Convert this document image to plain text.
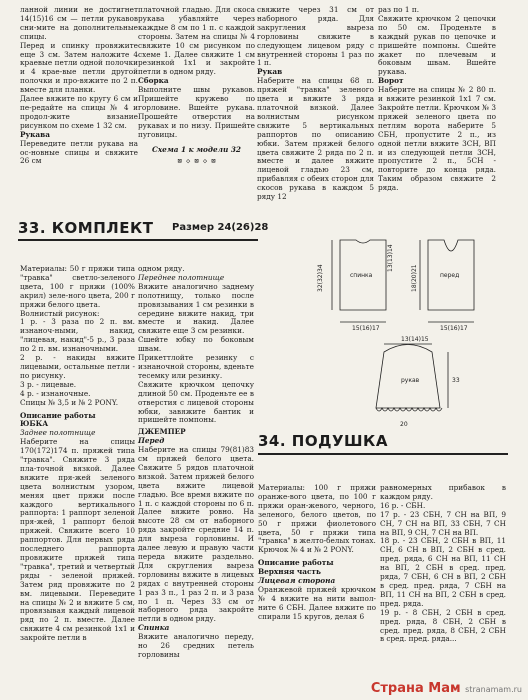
ланной линии не достигнет 14(15)16 см — петли рукавов сни-мите на дополнительные спицы.
Перед и спинку провяжите еще 3 см. Затем наложите 4 краевые петли одной полочки и 4 крае-вые петли другой полочки и про-вяжите по 2 п. вместе для планки.
Далее вяжите по кругу 6 см и пе-редайте на спицы № 4 и продол-жите вязание рисунком по схеме 1 32 см.

Рукава

Переведите петли рукава на ос-новные спицы и свяжите 26 см

платочной гладью. Для скоса рукава убавляйте через каждые 8 см по 1 п. с каждой стороны. Затем на спицы № 4 свяжите 10 см рисунком по схеме 1. Далее свяжите 1 см резинкой 1х1 и закройте петли в одном ряду.

Сборка

Выполните швы рукавов. Пришейте кружево по горловине. Вшейте рукава. Прошейте отверстия на рукавах и по низу. Пришейте пуговицы.

Схема 1 к модели 32

⊠ ◇ ⊠ ◇ ⊠

свяжите через 31 см от наборного ряда. Для закругления выреза горловины свяжите в следующем лицевом ряду с внутренней стороны 1 раз по 1 п.

Рукав

Наберите на спицы 68 п. пряжей "травка" зеленого цвета и вяжите 3 ряда платочной вязкой. Далее волнистым рисунком свяжите 5 вертикальных раппортов по описанию юбки. Затем пряжей белого цвета свяжите 2 ряда по 2 п. вместе и далее вяжите лицевой гладью 23 см, прибавляя с обеих сторон для скосов рукава в каждом 5 ряду 12

раз по 1 п.
Свяжите крючком 2 цепочки по 50 см. Проденьте в каждый рукав по цепочке и пришейте помпоны. Сшейте жакет по плечевым и боковым швам. Вшейте рукава.

Ворот

Наберите на спицы № 2 80 п. и вяжите резинкой 1х1 7 см. Закройте петли. Крючком № 3 пряжей зеленого цвета по петлям ворота наберите 5 СБН, пропустите 2 п., из одной петли вяжите 3СН, ВП и из следующей петли 3СН, пропустите 2 п., 5СН - повторите до конца ряда. Таким образом свяжите 2 ряда.

33. КОМПЛЕКТ Размер 24(26)28

Материалы: 50 г пряжи типа "травка" светло-зеленого цвета, 100 г пряжи (100% акрил) зеле-ного цвета, 200 г пряжи белого цвета.
Волнистый рисунок:
1 р. - 3 раза по 2 п. вм. изнаноч-ными, накид, "лицевая, накид"-5 р., 3 раза по 2 п. вм. изнаночными.
2 р. - накиды вяжите лицевыми, остальные петли - по рисунку.
3 р. - лицевые.
4 р. - изнаночные.
Спицы № 3,5 и № 2 PONY.

Описание работы

ЮБКА

Заднее полотнище

Наберите на спицы 170(172)174 п. пряжей типа "травка". Свяжите 3 ряда пла-точной вязкой. Далее вяжите пря-жей зеленого цвета волнистым узором, меняя цвет пряжи после каждого вертикального раппорта: 1 раппорт зеленой пря-жей, 1 раппорт белой пряжей. Свяжите всего 10 раппортов. Для первых ряда последнего раппорта провяжите пряжей типа "травка", третий и четвертый ряды - зеленой пряжей. Затем ряд провяжите по 2 вм. лицевыми. Переведите на спицы № 2 и вяжите 5 см, провязывая каждый лицевой ряд по 2 п. вместе. Далее свяжите 4 см резинкой 1х1 и закройте петли в

одном ряду.

Переднее полотнище

Вяжите аналогично заднему полотнищу, только после провязывания 1 см резинки в середине вяжите накид, три вместе и накид. Далее свяжите еще 3 см резинки.
Сшейте юбку по боковым швам.
Прикеттлойте резинку с изнаночной стороны, вденьте тесемку или резинку.
Свяжите крючком цепочку длиной 50 см. Проденьте ее в отверстия с лицевой стороны юбки, завяжите бантик и пришейте помпоны.

ДЖЕМПЕР

Перед

Наберите на спицы 79(81)83 см пряжей белого цвета. Свяжите 5 рядов платочной вязкой. Затем пряжей белого цвета вяжите лицевой гладью. Все время вяжите по 1 п. с каждой стороны по 6 п. Далее вяжите ровно. На высоте 28 см от наборного ряда закройте средние 14 п. для выреза горловины. И далее левую и правую части переда вяжите раздельно. Для скругления выреза горловины вяжите в лицевых рядах с внутренней стороны 1 раз 3 п., 1 раз 2 п. и 3 раза по 1 п. Через 33 см от наборного ряда закройте петли в одном ряду.

Спинка

Вяжите аналогично переду, но 26 средних петель горловины

спинка	перед
рукав
15(16)17	15(16)17
32(32)34
13(13)14
18(20)21
13(14)15
33
20
34. ПОДУШКА

Материалы: 100 г пряжи оранже-вого цвета, по 100 г пряжи оран-жевого, черного, зеленого, белого цветов, по 50 г пряжи фиолетового цвета, 50 г пряжи типа "травка" в желто-белых тонах.
Крючок № 4 и № 2 PONY.

Описание работы

Верхняя часть

Лицевая сторона

Оранжевой пряжей крючком № 4 вяжите на нити выпол-ните 6 СБН. Далее вяжите по спирали 15 кругов, делая 6

равномерных прибавок в каждом ряду.
16 р. - СБН.
17 р. - 23 СБН, 7 СН на ВП, 9 СН, 7 СН на ВП, 33 СБН, 7 СН на ВП, 9 СН, 7 СН на ВП.
18 р. - 23 СБН, 2 СБН в ВП, 11 СН, 6 СН в ВП, 2 СБН в сред. пред. ряда, 6 СН на ВП, 11 СН на ВП, 2 СБН в сред. пред. ряда, 7 СБН, 6 СН в ВП, 2 СБН в сред. пред. ряда, 7 СБН на ВП, 11 СН на ВП, 2 СБН в сред. пред. ряда.
19 р. - 8 СБН, 2 СБН в сред. пред. ряда, 8 СБН, 2 СБН в сред. пред. ряда, 8 СБН, 2 СБН в сред. пред. ряда...

Страна Мам stranamam.ru
